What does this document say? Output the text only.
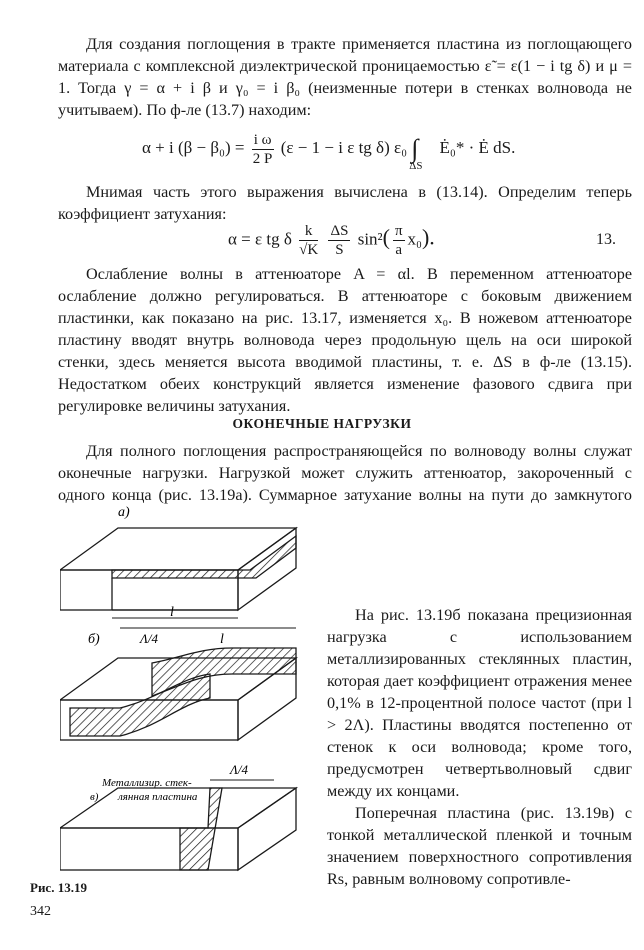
Для создания поглощения в тракте применяется пластина из поглощающего материала с комплексной диэлектрической проницаемостью ε̃ = ε(1 − i tg δ) и μ = 1. Тогда γ = α + i β и γ₀ = i β₀ (неизменные потери в стенках волновода не учитываем). По ф-ле (13.7) находим:
α + i $(\beta - \beta_0) = \frac{\text{i ω}}{2 P} (\varepsilon - 1 - i$ ε tg δ) ε₀ ∫
ΔS
Ė₀* · Ė dS.
Мнимая часть этого выражения вычислена в (13.14). Определим теперь коэффициент затухания:
α = ε tg δ $\frac{k}{√K}$
$\frac{\Delta S}{S} \sin^2( \frac{\pi}{a} x_0)$.	13.
Ослабление волны в аттенюаторе A = αl. В переменном аттенюаторе ослабление должно регулироваться. В аттенюаторе с боковым движением пластинки, как показано на рис. 13.17, изменяется x₀. В ножевом аттенюаторе пластину вводят внутрь волновода через продольную щель на оси широкой стенки, здесь меняется высота вводимой пластины, т. е. ΔS в ф-ле (13.15). Недостатком обеих конструкций является изменение фазового сдвига при регулировке величины затухания.
ОКОНЕЧНЫЕ НАГРУЗКИ
Для полного поглощения распространяющейся по волноводу волны служат оконечные нагрузки. Нагрузкой может служить аттенюатор, закороченный с одного конца (рис. 13.19а). Суммарное затухание волны на пути до замкнутого
На рис. 13.19б показана прецизионная нагрузка с использованием металлизированных стеклянных пластин, которая дает коэффициент отражения менее 0,1% в 12-процентной полосе частот (при l > 2Λ). Пластины вводятся постепенно от стенок к оси волновода; кроме того, предусмотрен четвертьволновый сдвиг между их концами.
Поперечная пластина (рис. 13.19в) с тонкой металлической пленкой и точным значением поверхностного сопротивления Rs, равным волновому сопротивле-
а)
l
б)	Λ/4	l
Металлизир. стек-
в) лянная пластина
Λ/4
Рис. 13.19
342
